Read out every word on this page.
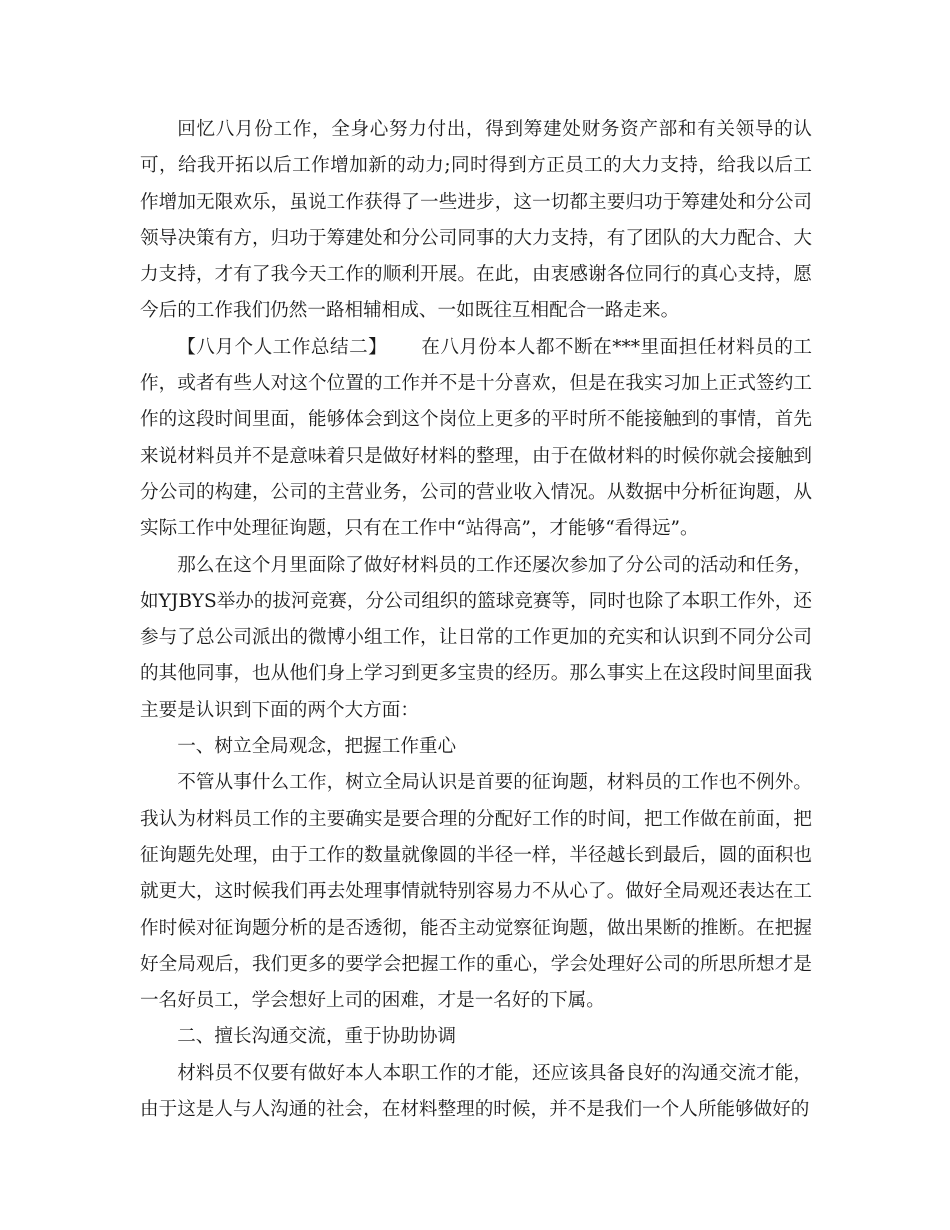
回忆八月份工作，全身心努力付出，得到筹建处财务资产部和有关领导的认可，给我开拓以后工作增加新的动力;同时得到方正员工的大力支持，给我以后工作增加无限欢乐，虽说工作获得了一些进步，这一切都主要归功于筹建处和分公司领导决策有方，归功于筹建处和分公司同事的大力支持，有了团队的大力配合、大力支持，才有了我今天工作的顺利开展。在此，由衷感谢各位同行的真心支持，愿今后的工作我们仍然一路相辅相成、一如既往互相配合一路走来。

【八月个人工作总结二】 在八月份本人都不断在***里面担任材料员的工作，或者有些人对这个位置的工作并不是十分喜欢，但是在我实习加上正式签约工作的这段时间里面，能够体会到这个岗位上更多的平时所不能接触到的事情，首先来说材料员并不是意味着只是做好材料的整理，由于在做材料的时候你就会接触到分公司的构建，公司的主营业务，公司的营业收入情况。从数据中分析征询题，从实际工作中处理征询题，只有在工作中“站得高”，才能够“看得远”。

那么在这个月里面除了做好材料员的工作还屡次参加了分公司的活动和任务，如YJBYS举办的拔河竞赛，分公司组织的篮球竞赛等，同时也除了本职工作外，还参与了总公司派出的微博小组工作，让日常的工作更加的充实和认识到不同分公司的其他同事，也从他们身上学习到更多宝贵的经历。那么事实上在这段时间里面我主要是认识到下面的两个大方面：

一、树立全局观念，把握工作重心

不管从事什么工作，树立全局认识是首要的征询题，材料员的工作也不例外。我认为材料员工作的主要确实是要合理的分配好工作的时间，把工作做在前面，把征询题先处理，由于工作的数量就像圆的半径一样，半径越长到最后，圆的面积也就更大，这时候我们再去处理事情就特别容易力不从心了。做好全局观还表达在工作时候对征询题分析的是否透彻，能否主动觉察征询题，做出果断的推断。在把握好全局观后，我们更多的要学会把握工作的重心，学会处理好公司的所思所想才是一名好员工，学会想好上司的困难，才是一名好的下属。

二、擅长沟通交流，重于协助协调

材料员不仅要有做好本人本职工作的才能，还应该具备良好的沟通交流才能，由于这是人与人沟通的社会，在材料整理的时候，并不是我们一个人所能够做好的
